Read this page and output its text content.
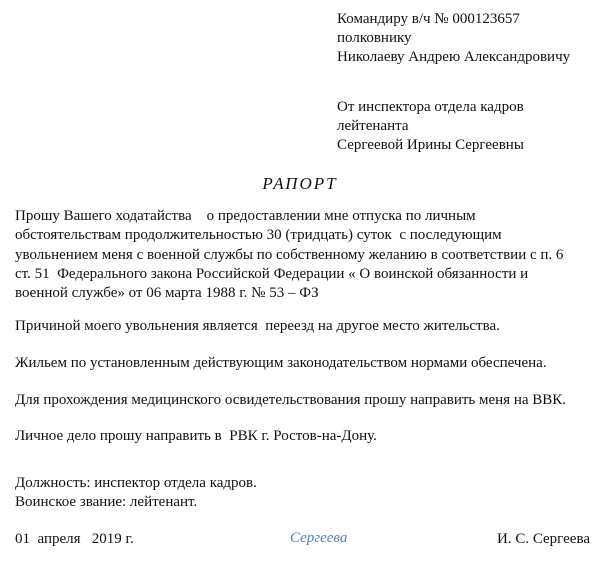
Командиру в/ч № 000123657
полковнику
Николаеву Андрею Александровичу
От инспектора отдела кадров
лейтенанта
Сергеевой Ирины Сергеевны
РАПОРТ
Прошу Вашего ходатайства    о предоставлении мне отпуска по личным
обстоятельствам продолжительностью 30 (тридцать) суток  с последующим
увольнением меня с военной службы по собственному желанию в соответствии с п. 6
ст. 51  Федерального закона Российской Федерации « О воинской обязанности и
военной службе» от 06 марта 1988 г. № 53 – ФЗ
Причиной моего увольнения является  переезд на другое место жительства.
Жильем по установленным действующим законодательством нормами обеспечена.
Для прохождения медицинского освидетельствования прошу направить меня на ВВК.
Личное дело прошу направить в  РВК г. Ростов-на-Дону.
Должность: инспектор отдела кадров.
Воинское звание: лейтенант.
01  апреля   2019 г.	Сергеева	И. С. Сергеева
